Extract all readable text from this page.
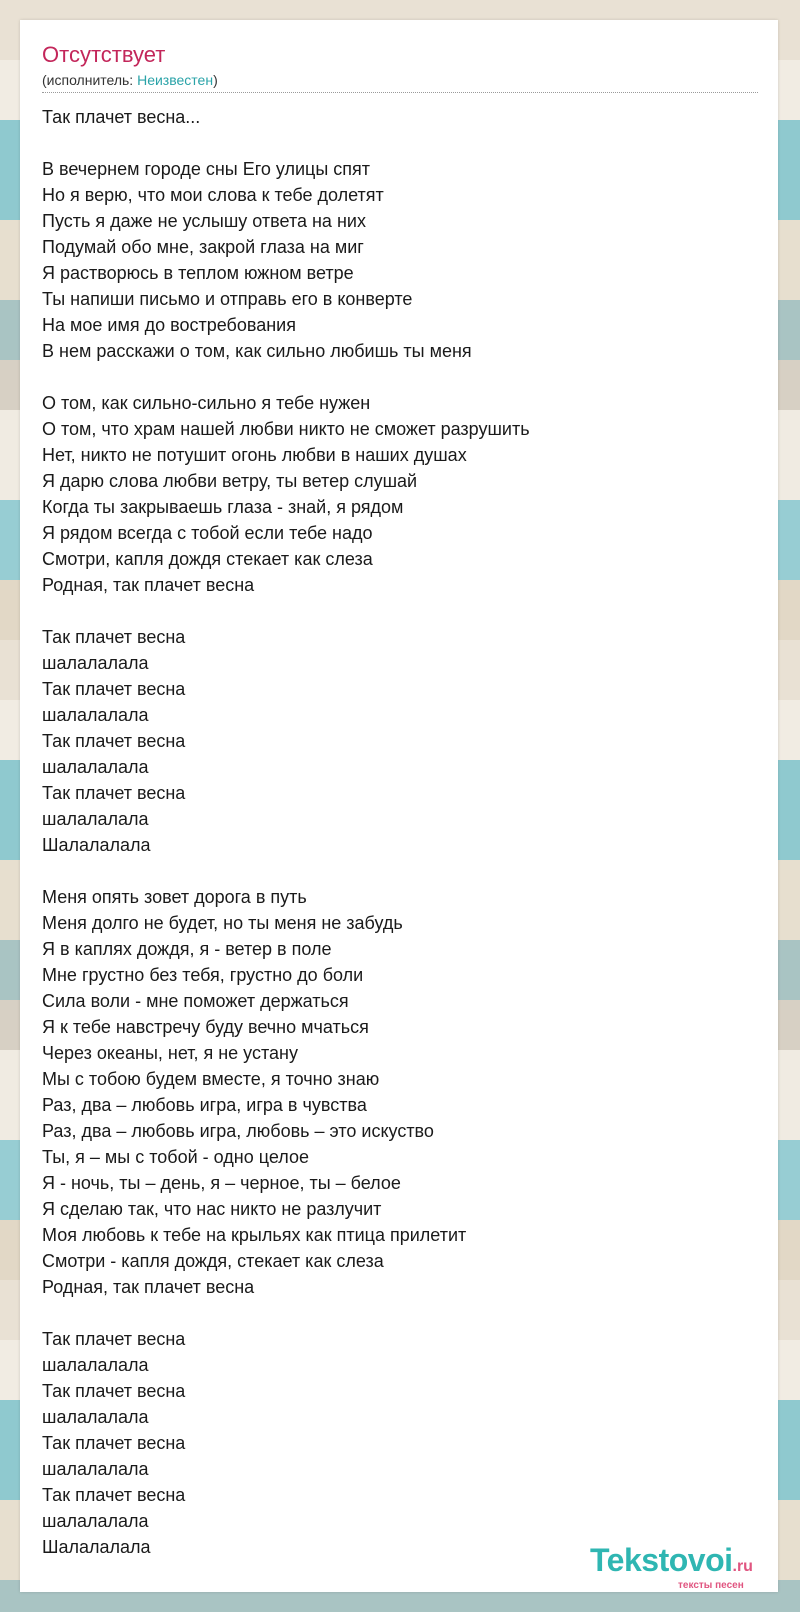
Отсутствует
(исполнитель: Неизвестен)
Так плачет весна...
В вечернем городе сны Его улицы спят
Но я верю, что мои слова к тебе долетят
Пусть я даже не услышу ответа на них
Подумай обо мне, закрой глаза на миг
Я растворюсь в теплом южном ветре
Ты напиши письмо и отправь его в конверте
На мое имя до востребования
В нем расскажи о том, как сильно любишь ты меня
О том, как сильно-сильно я тебе нужен
О том, что храм нашей любви никто не сможет разрушить
Нет, никто не потушит огонь любви в наших душах
Я дарю слова любви ветру, ты ветер слушай
Когда ты закрываешь глаза - знай, я рядом
Я рядом всегда с тобой если тебе надо
Смотри, капля дождя стекает как слеза
Родная, так плачет весна
Так плачет весна
шалалалала
Так плачет весна
шалалалала
Так плачет весна
шалалалала
Так плачет весна
шалалалала
Шалалалала
Меня опять зовет дорога в путь
Меня долго не будет, но ты меня не забудь
Я в каплях дождя, я - ветер в поле
Мне грустно без тебя, грустно до боли
Сила воли - мне поможет держаться
Я к тебе навстречу буду вечно мчаться
Через океаны, нет, я не устану
Мы с тобою будем вместе, я точно знаю
Раз, два – любовь игра, игра в чувства
Раз, два – любовь игра, любовь – это искуство
Ты, я – мы с тобой - одно целое
Я - ночь, ты – день, я – черное, ты – белое
Я сделаю так, что нас никто не разлучит
Моя любовь к тебе на крыльях как птица прилетит
Смотри - капля дождя, стекает как слеза
Родная, так плачет весна
Так плачет весна
шалалалала
Так плачет весна
шалалалала
Так плачет весна
шалалалала
Так плачет весна
шалалалала
Шалалалала	Tekstovoi.ru
тексты песен
